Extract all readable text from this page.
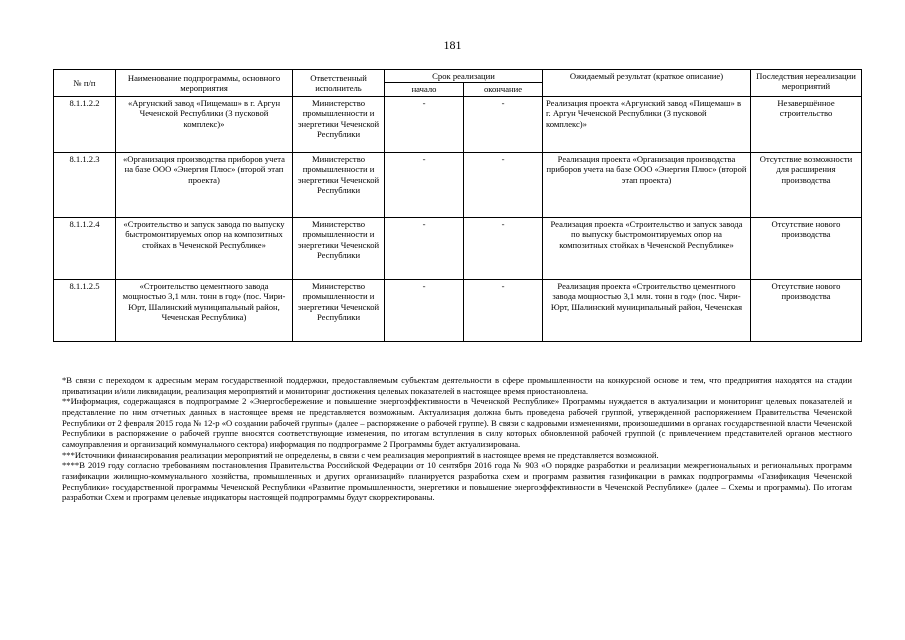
181
№ п/п	Наименование подпрограммы, основного мероприятия	Ответственный исполнитель	Срок реализации		Ожидаемый результат (краткое описание)	Последствия нереализации мероприятий
			начало	окончание		
8.1.1.2.2	«Аргунский завод «Пищемаш» в г. Аргун Чеченской Республики (3 пусковой комплекс)»	Министерство промышленности и энергетики Чеченской Республики	-	-	Реализация проекта «Аргунский завод «Пищемаш» в г. Аргун Чеченской Республики (3 пусковой комплекс)»	Незавершённое строительство
8.1.1.2.3	«Организация производства приборов учета на базе ООО «Энергия Плюс» (второй этап проекта)	Министерство промышленности и энергетики Чеченской Республики	-	-	Реализация проекта «Организация производства приборов учета на базе ООО «Энергия Плюс» (второй этап проекта)	Отсутствие возможности для расширения производства
8.1.1.2.4	«Строительство и запуск завода по выпуску быстромонтируемых опор на композитных стойках в Чеченской Республике»	Министерство промышленности и энергетики Чеченской Республики	-	-	Реализация проекта «Строительство и запуск завода по выпуску быстромонтируемых опор на композитных стойках в Чеченской Республике»	Отсутствие нового производства
8.1.1.2.5	«Строительство цементного завода мощностью 3,1 млн. тонн в год» (пос. Чири-Юрт, Шалинский муниципальный район, Чеченская Республика)	Министерство промышленности и энергетики Чеченской Республики	-	-	Реализация проекта «Строительство цементного завода мощностью 3,1 млн. тонн в год» (пос. Чири-Юрт, Шалинский муниципальный район, Чеченская	Отсутствие нового производства

*В связи с переходом к адресным мерам государственной поддержки, предоставляемым субъектам деятельности в сфере промышленности на конкурсной основе и тем, что предприятия находятся на стадии приватизации и/или ликвидации, реализация мероприятий и мониторинг достижения целевых показателей в настоящее время приостановлена.

**Информация, содержащаяся в подпрограмме 2 «Энергосбережение и повышение энергоэффективности в Чеченской Республике» Программы нуждается в актуализации и мониторинг целевых показателей и представление по ним отчетных данных в настоящее время не представляется возможным. Актуализация должна быть проведена рабочей группой, утвержденной распоряжением Правительства Чеченской Республики от 2 февраля 2015 года № 12-р «О создании рабочей группы» (далее – распоряжение о рабочей группе). В связи с кадровыми изменениями, произошедшими в органах государственной власти Чеченской Республики в распоряжение о рабочей группе вносятся соответствующие изменения, по итогам вступления в силу которых обновленной рабочей группой (с привлечением представителей органов местного самоуправления и организаций коммунального сектора) информация по подпрограмме 2 Программы будет актуализирована.

***Источники финансирования реализации мероприятий не определены, в связи с чем реализация мероприятий в настоящее время не представляется возможной.

****В 2019 году согласно требованиям постановления Правительства Российской Федерации от 10 сентября 2016 года № 903 «О порядке разработки и реализации межрегиональных и региональных программ газификации жилищно-коммунального хозяйства, промышленных и других организаций» планируется разработка схем и программ развития газификации в рамках подпрограммы «Газификация Чеченской Республики» государственной программы Чеченской Республики «Развитие промышленности, энергетики и повышение энергоэффективности в Чеченской Республике» (далее – Схемы и программы). По итогам разработки Схем и программ целевые индикаторы настоящей подпрограммы будут скорректированы.
